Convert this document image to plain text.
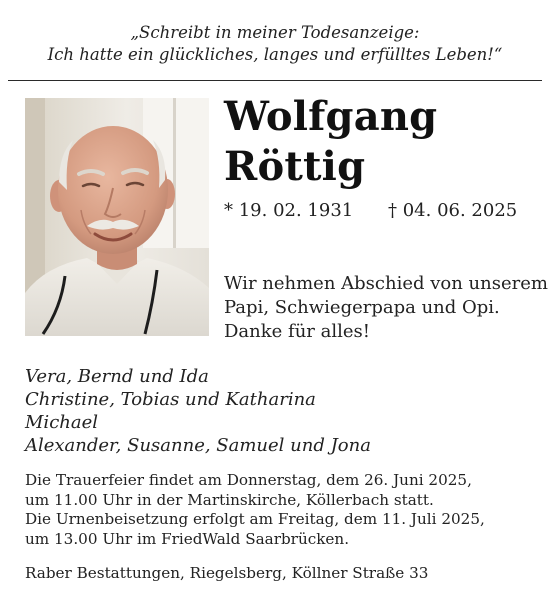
„Schreibt in meiner Todesanzeige:
Ich hatte ein glückliches, langes und erfülltes Leben!“
Wolfgang
Röttig
* 19. 02. 1931 † 04. 06. 2025
Wir nehmen Abschied von unserem
Papi, Schwiegerpapa und Opi.
Danke für alles!
Vera, Bernd und Ida
Christine, Tobias und Katharina
Michael
Alexander, Susanne, Samuel und Jona
Die Trauerfeier findet am Donnerstag, dem 26. Juni 2025,
um 11.00 Uhr in der Martinskirche, Köllerbach statt.
Die Urnenbeisetzung erfolgt am Freitag, dem 11. Juli 2025,
um 13.00 Uhr im FriedWald Saarbrücken.
Raber Bestattungen, Riegelsberg, Köllner Straße 33
